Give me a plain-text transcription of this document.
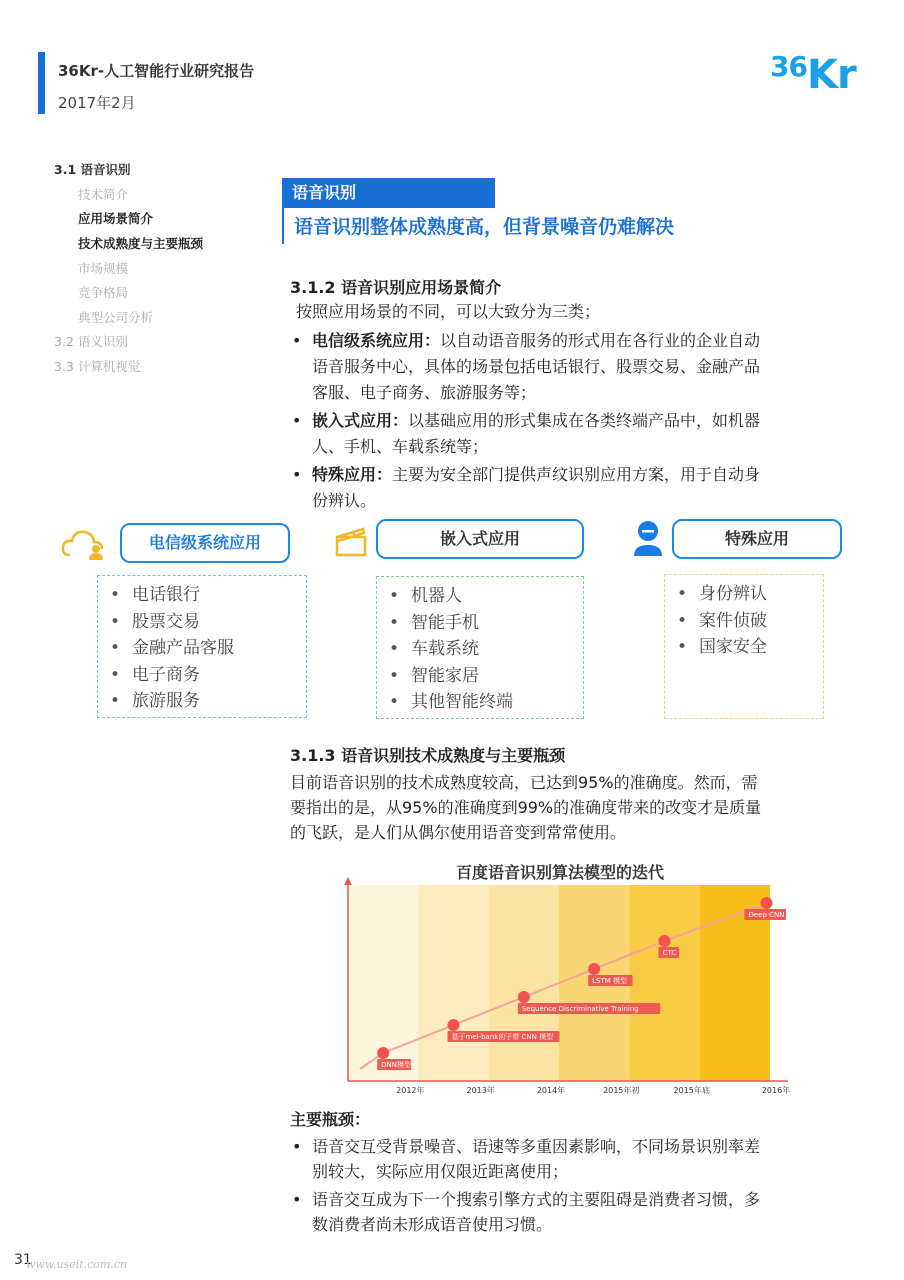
36Kr-人工智能行业研究报告
2017年2月
$^{36}$Kr
3.1 语音识别
技术简介
应用场景简介
技术成熟度与主要瓶颈
市场规模
竞争格局
典型公司分析
3.2 语义识别
3.3 计算机视觉
语音识别
语音识别整体成熟度高，但背景噪音仍难解决
3.1.2 语音识别应用场景简介
按照应用场景的不同，可以大致分为三类；
• 电信级系统应用：以自动语音服务的形式用在各行业的企业自动
语音服务中心，具体的场景包括电话银行、股票交易、金融产品
客服、电子商务、旅游服务等；
• 嵌入式应用：以基础应用的形式集成在各类终端产品中，如机器
人、手机、车载系统等；
• 特殊应用：主要为安全部门提供声纹识别应用方案，用于自动身
份辨认。
电信级系统应用	嵌入式应用	特殊应用
• 电话银行
• 股票交易
• 金融产品客服
• 电子商务
• 旅游服务
• 机器人
• 智能手机
• 车载系统
• 智能家居
• 其他智能终端
• 身份辨认
• 案件侦破
• 国家安全
3.1.3 语音识别技术成熟度与主要瓶颈
目前语音识别的技术成熟度较高，已达到95%的准确度。然而，需
要指出的是，从95%的准确度到99%的准确度带来的改变才是质量
的飞跃，是人们从偶尔使用语音变到常常使用。
百度语音识别算法模型的迭代
DNN模型
基于mel-bank的子带 CNN 模型
Sequence Discriminative Training
LSTM 模型
CTC
Deep CNN
2012年	2013年	2014年	2015年初	2015年底	2016年
主要瓶颈：
• 语音交互受背景噪音、语速等多重因素影响，不同场景识别率差
别较大，实际应用仅限近距离使用；
• 语音交互成为下一个搜索引擎方式的主要阻碍是消费者习惯，多
数消费者尚未形成语音使用习惯。
31
www.useit.com.cn
